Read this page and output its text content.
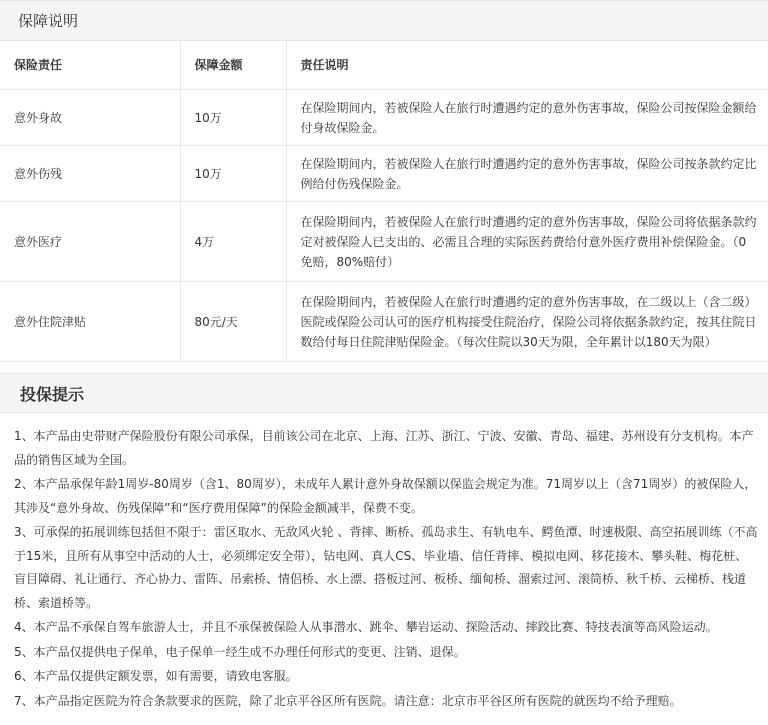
保障说明
保险责任	保障金额	责任说明
意外身故	10万	在保险期间内，若被保险人在旅行时遭遇约定的意外伤害事故，保险公司按保险金额给付身故保险金。
意外伤残	10万	在保险期间内，若被保险人在旅行时遭遇约定的意外伤害事故，保险公司按条款约定比例给付伤残保险金。
意外医疗	4万	在保险期间内，若被保险人在旅行时遭遇约定的意外伤害事故，保险公司将依据条款约定对被保险人已支出的、必需且合理的实际医药费给付意外医疗费用补偿保险金。（0免赔，80%赔付）
意外住院津贴	80元/天	在保险期间内，若被保险人在旅行时遭遇约定的意外伤害事故，在二级以上（含二级）医院或保险公司认可的医疗机构接受住院治疗，保险公司将依据条款约定，按其住院日数给付每日住院津贴保险金。（每次住院以30天为限，全年累计以180天为限）
投保提示

1、本产品由史带财产保险股份有限公司承保，目前该公司在北京、上海、江苏、浙江、宁波、安徽、青岛、福建、苏州设有分支机构。本产品的销售区域为全国。

2、本产品承保年龄1周岁-80周岁（含1、80周岁），未成年人累计意外身故保额以保监会规定为准。71周岁以上（含71周岁）的被保险人，其涉及“意外身故、伤残保障”和“医疗费用保障”的保险金额减半，保费不变。

3、可承保的拓展训练包括但不限于：雷区取水、无敌风火轮 、背摔、断桥、孤岛求生、有轨电车、鳄鱼潭、时速极限、高空拓展训练（不高于15米，且所有从事空中活动的人士，必须绑定安全带），钻电网、真人CS、毕业墙、信任背摔、模拟电网、移花接木、攀头鞋、梅花桩、盲目障碍、礼让通行、齐心协力、雷阵、吊索桥、情侣桥、水上漂、搭板过河、板桥、缅甸桥、溜索过河、滚筒桥、秋千桥、云梯桥、栈道桥、索道桥等。

4、本产品不承保自驾车旅游人士，并且不承保被保险人从事潜水、跳伞、攀岩运动、探险活动、摔跤比赛、特技表演等高风险运动。

5、本产品仅提供电子保单，电子保单一经生成不办理任何形式的变更、注销、退保。

6、本产品仅提供定额发票，如有需要，请致电客服。

7、本产品指定医院为符合条款要求的医院，除了北京平谷区所有医院。请注意：北京市平谷区所有医院的就医均不给予理赔。
